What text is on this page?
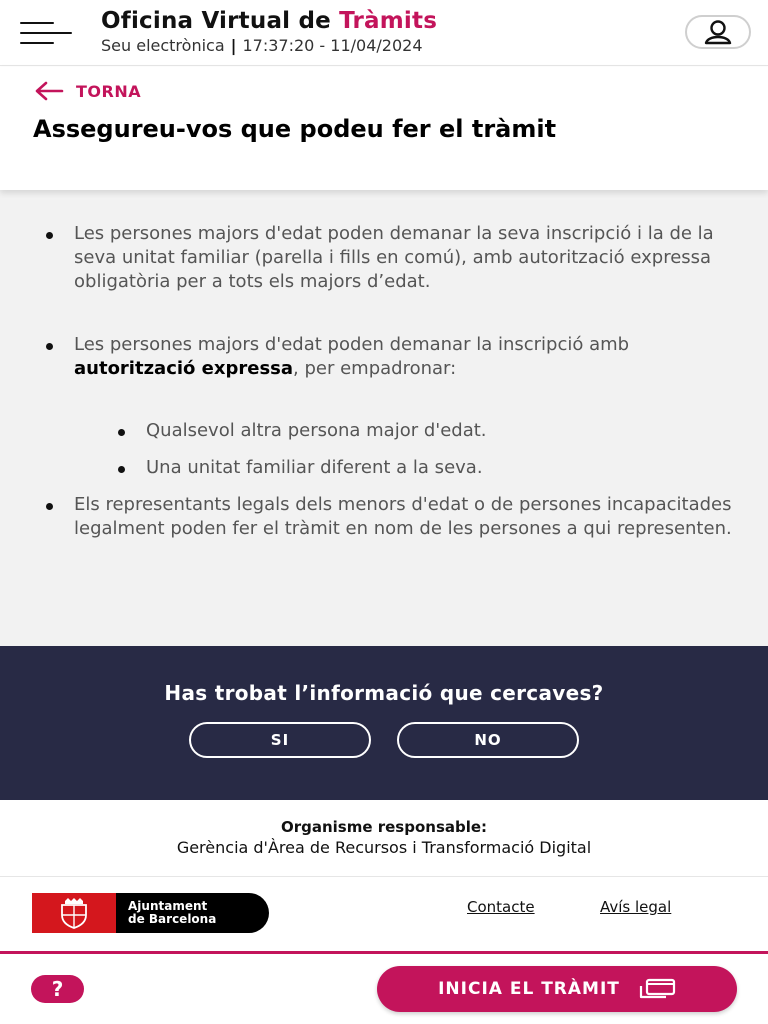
Oficina Virtual de Tràmits
Seu electrònica | 17:37:20 - 11/04/2024
TORNA
Assegureu-vos que podeu fer el tràmit
Les persones majors d'edat poden demanar la seva inscripció i la de la seva unitat familiar (parella i fills en comú), amb autorització expressa obligatòria per a tots els majors d’edat.
Les persones majors d'edat poden demanar la inscripció amb autorització expressa, per empadronar:
Qualsevol altra persona major d'edat.
Una unitat familiar diferent a la seva.
Els representants legals dels menors d'edat o de persones incapacitades legalment poden fer el tràmit en nom de les persones a qui representen.
Has trobat l’informació que cercaves?
SI	NO
Organisme responsable:
Gerència d'Àrea de Recursos i Transformació Digital
Ajuntament
de Barcelona
Contacte	Avís legal
?	INICIA EL TRÀMIT
